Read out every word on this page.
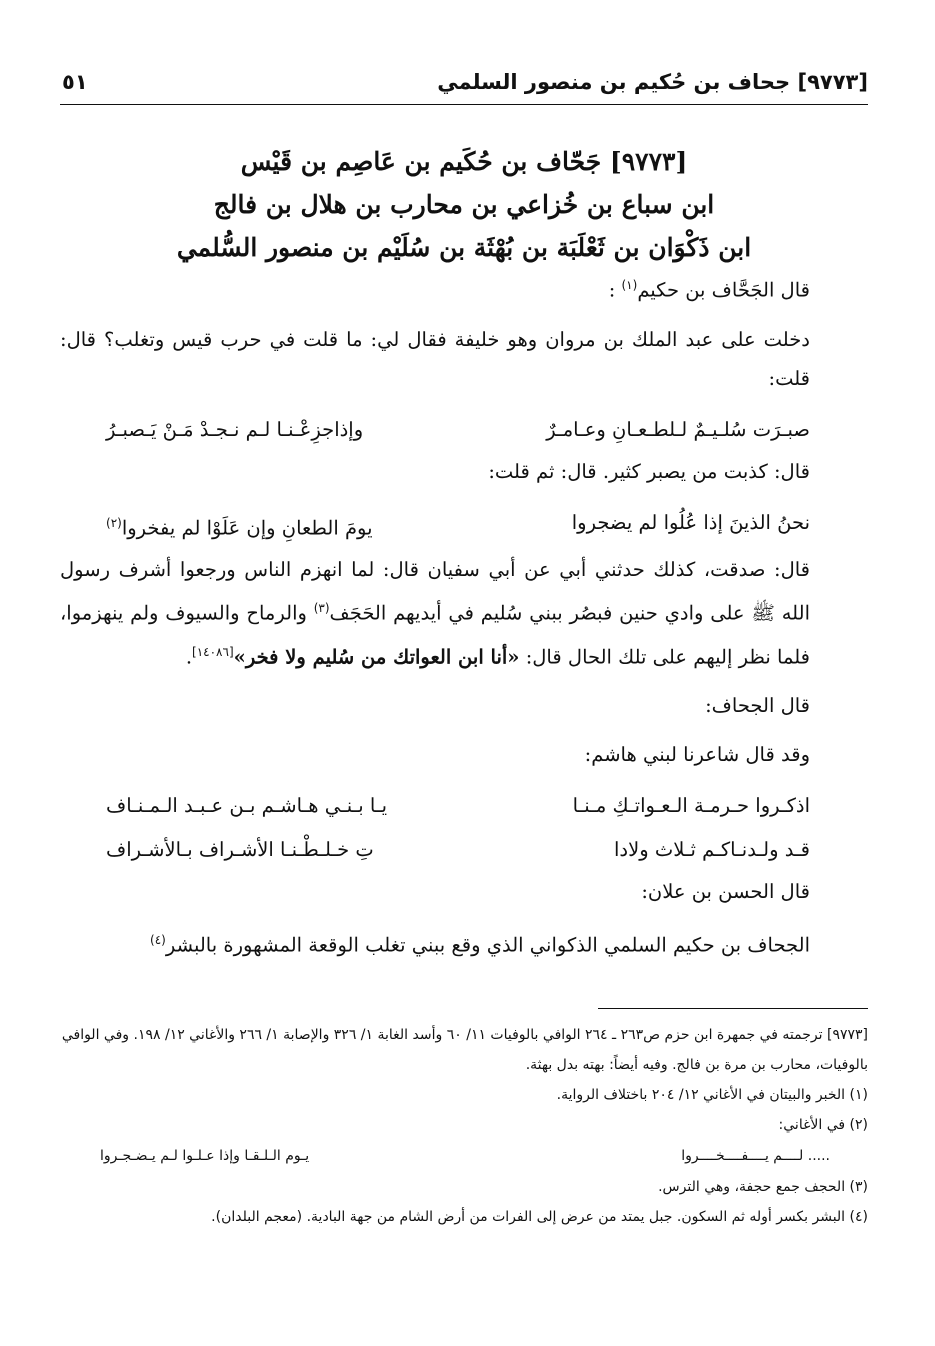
[٩٧٧٣] جحاف بن حُكيم بن منصور السلمي
٥١
[٩٧٧٣] جَحّاف بن حُكَيم بن عَاصِم بن قَيْس
ابن سباع بن خُزاعي بن محارب بن هلال بن فالج
ابن ذَكْوَان بن ثَعْلَبَة بن بُهْثَة بن سُلَيْم بن منصور السُّلمي
قال الجَحَّاف بن حكيم$^{(١)}$ :
دخلت على عبد الملك بن مروان وهو خليفة فقال لي: ما قلت في حرب قيس وتغلب؟ قال: قلت:
صبـرَت سُلـيـمٌ لـلطـعـانِ وعـامـرٌ
وإذاجزِعْـنـا لـم نـجـدْ مَـنْ يَـصبـرُ
قال: كذبت من يصبر كثير. قال: ثم قلت:
نحنُ الذينَ إذا عُلُوا لم يضجروا
يومَ الطعانِ وإن عَلَوْا لم يفخروا$^{(٢)}$
قال: صدقت، كذلك حدثني أبي عن أبي سفيان قال: لما انهزم الناس ورجعوا أشرف رسول الله ﷺ على وادي حنين فبصُر ببني سُليم في أيديهم الحَجَف$^{(٣)}$ والرماح والسيوف ولم ينهزموا، فلما نظر إليهم على تلك الحال قال: «أنا ابن العواتك من سُليم ولا فخر»[١٤٠٨٦].
قال الجحاف:
وقد قال شاعرنا لبني هاشم:
اذكـروا حـرمـة الـعـواتـكِ مـنـا
يـا بـنـي هـاشـم بـن عـبـد الـمـنـاف
قـد ولـدنـاكـم ثـلاث ولادا
تِ خـلـطْـنـا الأشـراف بـالأشـراف
قال الحسن بن علان:
الجحاف بن حكيم السلمي الذكواني الذي وقع ببني تغلب الوقعة المشهورة بالبشر$^{(٤)}$
[٩٧٧٣] ترجمته في جمهرة ابن حزم ص٢٦٣ ـ ٢٦٤ الوافي بالوفيات ١١/ ٦٠ وأسد الغابة ١/ ٣٢٦ والإصابة ١/ ٢٦٦ والأغاني ١٢/ ١٩٨. وفي الوافي بالوفيات، محارب بن مرة بن فالج. وفيه أيضاً: بهته بدل بهثة.
(١) الخبر والبيتان في الأغاني ١٢/ ٢٠٤ باختلاف الرواية.
(٢) في الأغاني:
..... لــــم يــــفــــخــــروا
يـوم الـلـقـا وإذا عـلـوا لـم يـضـجـروا
(٣) الحجف جمع حجفة، وهي الترس.
(٤) البشر بكسر أوله ثم السكون. جبل يمتد من عرض إلى الفرات من أرض الشام من جهة البادية. (معجم البلدان).
